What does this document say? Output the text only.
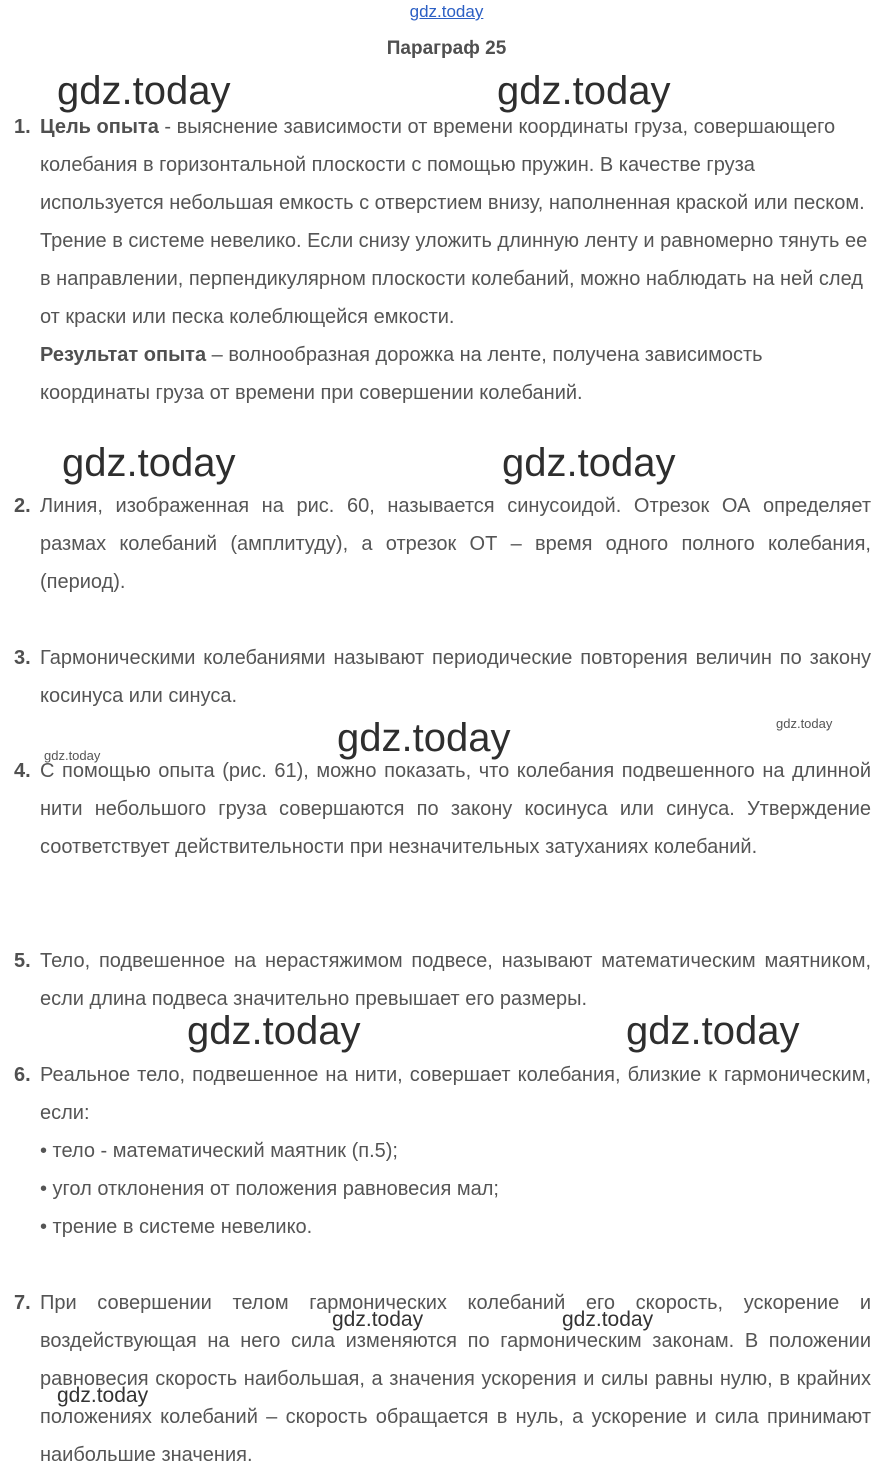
gdz.today
Параграф 25
1. Цель опыта - выяснение зависимости от времени координаты груза, совершающего колебания в горизонтальной плоскости с помощью пружин. В качестве груза используется небольшая емкость с отверстием внизу, наполненная краской или песком. Трение в системе невелико. Если снизу уложить длинную ленту и равномерно тянуть ее в направлении, перпендикулярном плоскости колебаний, можно наблюдать на ней след от краски или песка колеблющейся емкости.

Результат опыта – волнообразная дорожка на ленте, получена зависимость координаты груза от времени при совершении колебаний.

2. Линия, изображенная на рис. 60, называется синусоидой. Отрезок ОА определяет размах колебаний (амплитуду), а отрезок ОТ – время одного полного колебания, (период).
3. Гармоническими колебаниями называют периодические повторения величин по закону косинуса или синуса.
4. С помощью опыта (рис. 61), можно показать, что колебания подвешенного на длинной нити небольшого груза совершаются по закону косинуса или синуса. Утверждение соответствует действительности при незначительных затуханиях колебаний.
5. Тело, подвешенное на нерастяжимом подвесе, называют математическим маятником, если длина подвеса значительно превышает его размеры.
6. Реальное тело, подвешенное на нити, совершает колебания, близкие к гармоническим, если:

• тело - математический маятник (п.5);

• угол отклонения от положения равновесия мал;

• трение в системе невелико.

7. При совершении телом гармонических колебаний его скорость, ускорение и воздействующая на него сила изменяются по гармоническим законам. В положении равновесия скорость наибольшая, а значения ускорения и силы равны нулю, в крайних положениях колебаний – скорость обращается в нуль, а ускорение и сила принимают наибольшие значения.
gdz.today	gdz.today
gdz.today	gdz.today
gdz.today
gdz.today	gdz.today
gdz.today
gdz.today
gdz.today	gdz.today
gdz.today
